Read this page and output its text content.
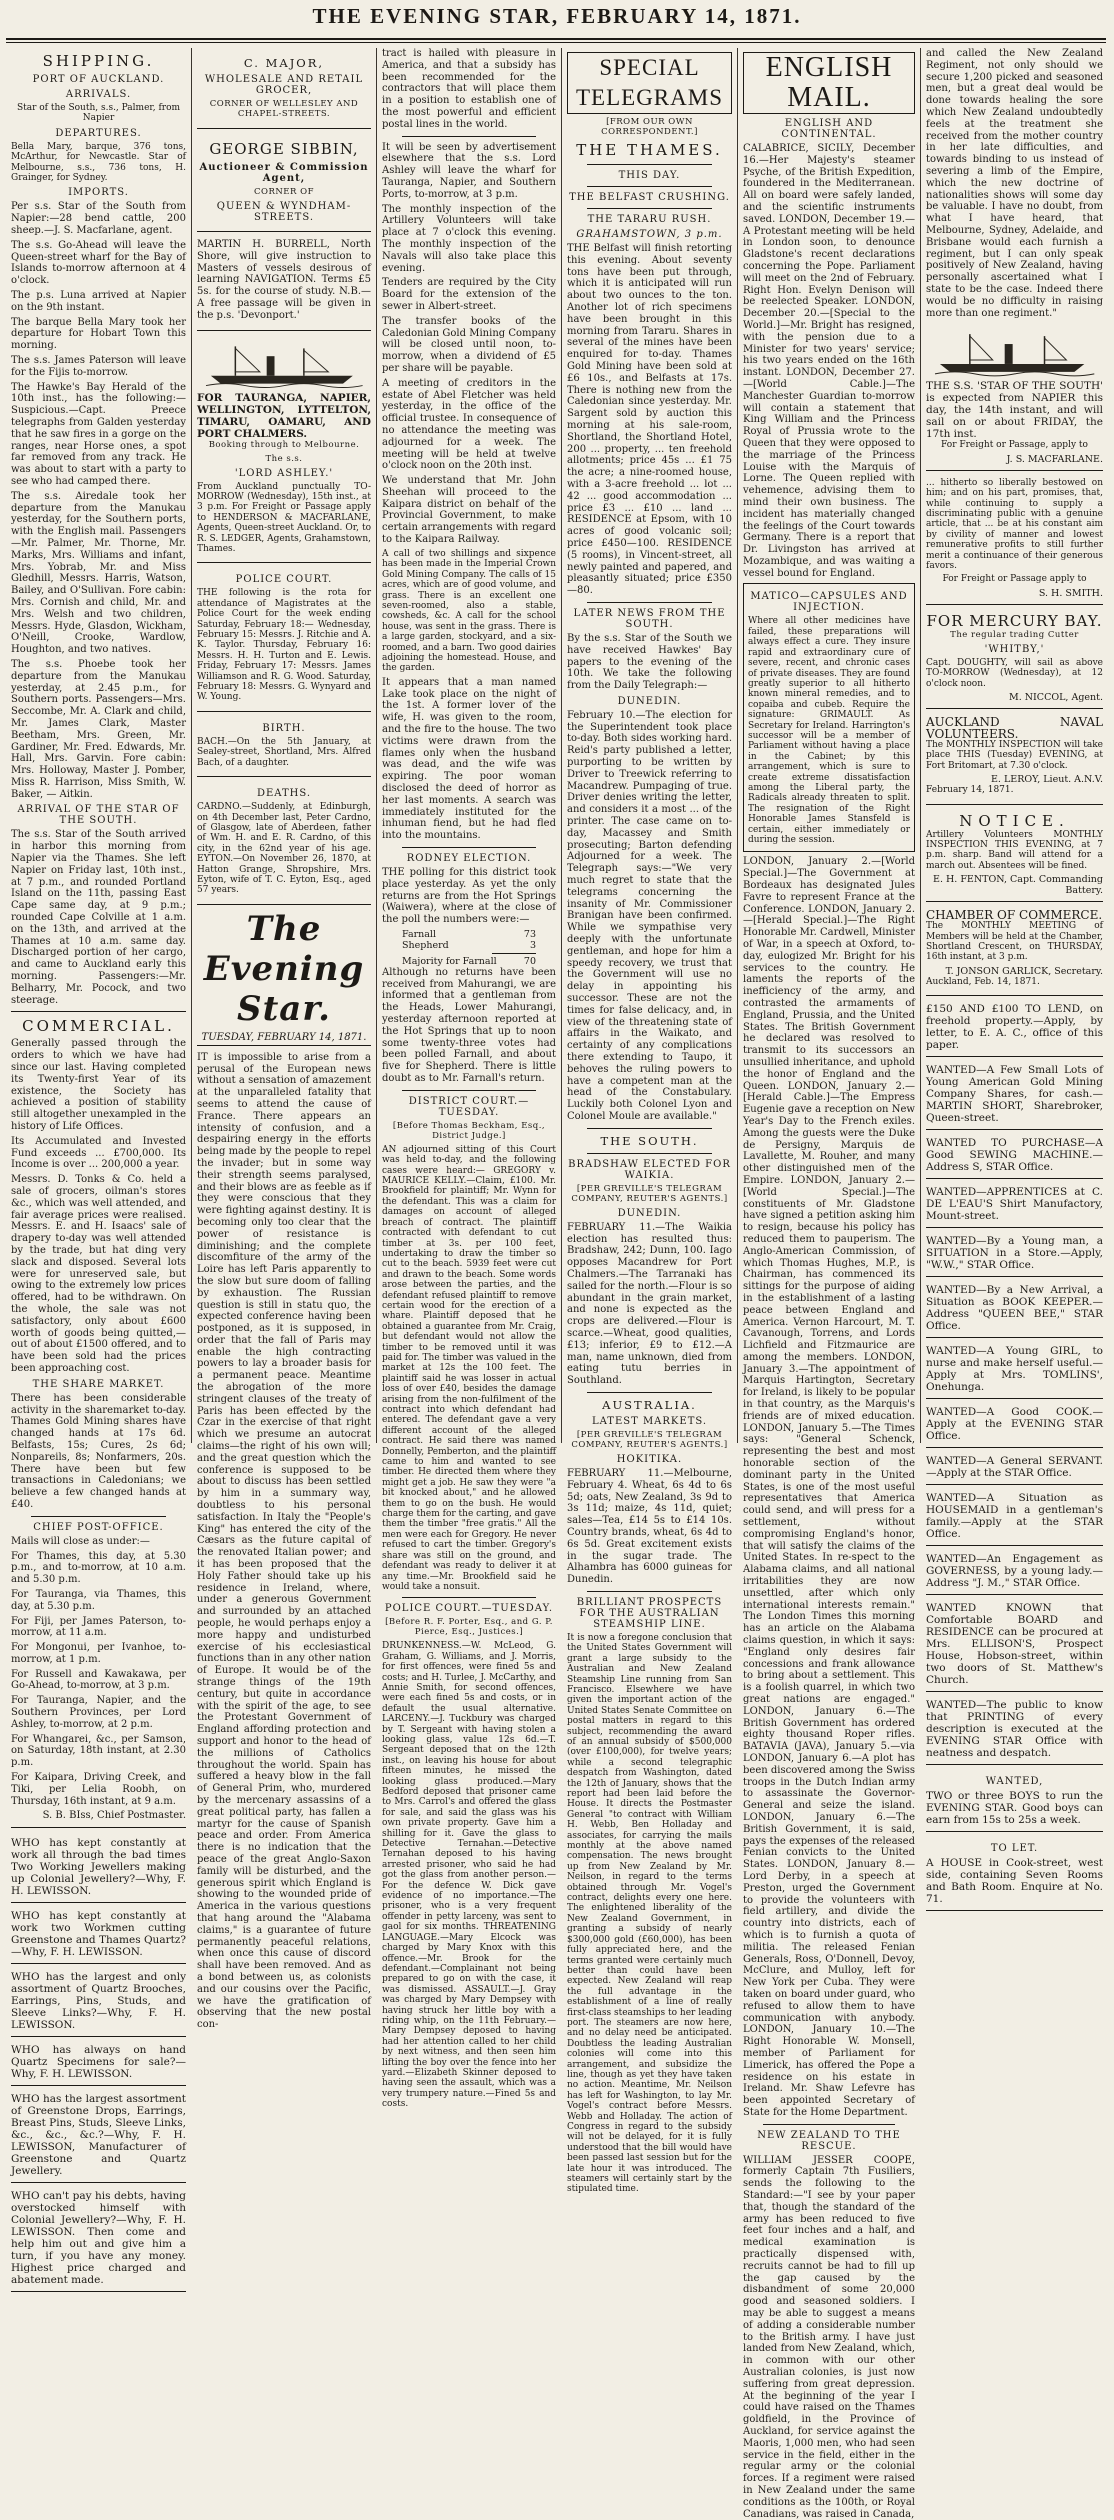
THE EVENING STAR, FEBRUARY 14, 1871.
SHIPPING.
PORT OF AUCKLAND.
ARRIVALS.

Star of the South, s.s., Palmer, from Napier

DEPARTURES.

Bella Mary, barque, 376 tons, McArthur, for Newcastle. Star of Melbourne, s.s., 736 tons, H. Grainger, for Sydney.

IMPORTS.

Per s.s. Star of the South from Napier:—28 bend cattle, 200 sheep.—J. S. Macfarlane, agent.

The s.s. Go-Ahead will leave the Queen-street wharf for the Bay of Islands to-morrow afternoon at 4 o'clock.

The p.s. Luna arrived at Napier on the 9th instant.

The barque Bella Mary took her departure for Hobart Town this morning.

The s.s. James Paterson will leave for the Fijis to-morrow.

The Hawke's Bay Herald of the 10th inst., has the following:—Suspicious.—Capt. Preece telegraphs from Galden yesterday that he saw fires in a gorge on the ranges, near Horse ones, a spot far removed from any track. He was about to start with a party to see who had camped there.

The s.s. Airedale took her departure from the Manukau yesterday, for the Southern ports, with the English mail. Passengers—Mr. Palmer, Mr. Thorne, Mr. Marks, Mrs. Williams and infant, Mrs. Yobrab, Mr. and Miss Gledhill, Messrs. Harris, Watson, Bailey, and O'Sullivan. Fore cabin: Mrs. Cornish and child, Mr. and Mrs. Welsh and two children, Messrs. Hyde, Glasdon, Wickham, O'Neill, Crooke, Wardlow, Houghton, and two natives.

The s.s. Phoebe took her departure from the Manukau yesterday, at 2.45 p.m., for Southern ports. Passengers—Mrs. Seccombe, Mr. A. Clark and child, Mr. James Clark, Master Beetham, Mrs. Green, Mr. Gardiner, Mr. Fred. Edwards, Mr. Hall, Mrs. Garvin. Fore cabin: Mrs. Holloway, Master J. Pomber, Miss R. Harrison, Miss Smith, W. Baker, — Aitkin.

ARRIVAL OF THE STAR OF THE SOUTH.

The s.s. Star of the South arrived in harbor this morning from Napier via the Thames. She left Napier on Friday last, 10th inst., at 7 p.m., and rounded Portland Island on the 11th, passing East Cape same day, at 9 p.m.; rounded Cape Colville at 1 a.m. on the 13th, and arrived at the Thames at 10 a.m. same day. Discharged portion of her cargo, and came to Auckland early this morning. Passengers:—Mr. Belharry, Mr. Pocock, and two steerage.

COMMERCIAL.

Generally passed through the orders to which we have had since our last. Having completed its Twenty-first Year of its existence, the Society has achieved a position of stability still altogether unexampled in the history of Life Offices.

Its Accumulated and Invested Fund exceeds ... £700,000. Its Income is over ... 200,000 a year.

Messrs. D. Tonks & Co. held a sale of grocers, oilman's stores &c., which was well attended, and fair average prices were realised. Messrs. E. and H. Isaacs' sale of drapery to-day was well attended by the trade, but hat ding very slack and disposed. Several lots were for unreserved sale, but owing to the extremely low prices offered, had to be withdrawn. On the whole, the sale was not satisfactory, only about £600 worth of goods being quitted,—out of about £1500 offered, and to have been sold had the prices been approaching cost.

THE SHARE MARKET.

There has been considerable activity in the sharemarket to-day. Thames Gold Mining shares have changed hands at 17s 6d. Belfasts, 15s; Cures, 2s 6d; Nonpareils, 8s; Nonfarmers, 20s. There have been but few transactions in Caledonians; we believe a few changed hands at £40.

CHIEF POST-OFFICE.

Mails will close as under:—

For Thames, this day, at 5.30 p.m., and to-morrow, at 10 a.m. and 5.30 p.m.

For Tauranga, via Thames, this day, at 5.30 p.m.

For Fiji, per James Paterson, to-morrow, at 11 a.m.

For Mongonui, per Ivanhoe, to-morrow, at 1 p.m.

For Russell and Kawakawa, per Go-Ahead, to-morrow, at 3 p.m.

For Tauranga, Napier, and the Southern Provinces, per Lord Ashley, to-morrow, at 2 p.m.

For Whangarei, &c., per Samson, on Saturday, 18th instant, at 2.30 p.m.

For Kaipara, Driving Creek, and Tiki, per Lelia Roobh, on Thursday, 16th instant, at 9 a.m.

S. B. BIss, Chief Postmaster.

WHO has kept constantly at work all through the bad times Two Working Jewellers making up Colonial Jewellery?—Why, F. H. LEWISSON.
WHO has kept constantly at work two Workmen cutting Greenstone and Thames Quartz?—Why, F. H. LEWISSON.
WHO has the largest and only assortment of Quartz Brooches, Earrings, Pins, Studs, and Sleeve Links?—Why, F. H. LEWISSON.
WHO has always on hand Quartz Specimens for sale?—Why, F. H. LEWISSON.
WHO has the largest assortment of Greenstone Drops, Earrings, Breast Pins, Studs, Sleeve Links, &c., &c., &c.?—Why, F. H. LEWISSON, Manufacturer of Greenstone and Quartz Jewellery.
WHO can't pay his debts, having overstocked himself with Colonial Jewellery?—Why, F. H. LEWISSON. Then come and help him out and give him a turn, if you have any money. Highest price charged and abatement made.
C. MAJOR,
WHOLESALE AND RETAIL GROCER,
CORNER OF WELLESLEY AND CHAPEL-STREETS.
GEORGE SIBBIN,
Auctioneer & Commission Agent,
CORNER OF
QUEEN & WYNDHAM-STREETS.

MARTIN H. BURRELL, North Shore, will give instruction to Masters of vessels desirous of learning NAVIGATION. Terms £5 5s. for the course of study. N.B.—A free passage will be given in the p.s. 'Devonport.'

FOR TAURANGA, NAPIER, WELLINGTON, LYTTELTON, TIMARU, OAMARU, AND PORT CHALMERS.
Booking through to Melbourne.
The s.s.
'LORD ASHLEY.'

From Auckland punctually TO-MORROW (Wednesday), 15th inst., at 3 p.m. For Freight or Passage apply to HENDERSON & MACFARLANE, Agents, Queen-street Auckland. Or, to R. S. LEDGER, Agents, Grahamstown, Thames.

POLICE COURT.

THE following is the rota for attendance of Magistrates at the Police Court for the week ending Saturday, February 18:— Wednesday, February 15: Messrs. J. Ritchie and A. K. Taylor. Thursday, February 16: Messrs. H. H. Turton and E. Lewis. Friday, February 17: Messrs. James Williamson and R. G. Wood. Saturday, February 18: Messrs. G. Wynyard and W. Young.

BIRTH.

BACH.—On the 5th January, at Sealey-street, Shortland, Mrs. Alfred Bach, of a daughter.

DEATHS.

CARDNO.—Suddenly, at Edinburgh, on 4th December last, Peter Cardno, of Glasgow, late of Aberdeen, father of Wm. H. and E. R. Cardno, of this city, in the 62nd year of his age. EYTON.—On November 26, 1870, at Hatton Grange, Shropshire, Mrs. Eyton, wife of T. C. Eyton, Esq., aged 57 years.

The Evening Star.
TUESDAY, FEBRUARY 14, 1871.

IT is impossible to arise from a perusal of the European news without a sensation of amazement at the unparalleled fatality that seems to attend the cause of France. There appears an intensity of confusion, and a despairing energy in the efforts being made by the people to repel the invader; but in some way their strength seems paralysed, and their blows are as feeble as if they were conscious that they were fighting against destiny. It is becoming only too clear that the power of resistance is diminishing; and the complete discomfiture of the army of the Loire has left Paris apparently to the slow but sure doom of falling by exhaustion. The Russian question is still in statu quo, the expected conference having been postponed, as it is supposed, in order that the fall of Paris may enable the high contracting powers to lay a broader basis for a permanent peace. Meantime the abrogation of the more stringent clauses of the treaty of Paris has been effected by the Czar in the exercise of that right which we presume an autocrat claims—the right of his own will; and the great question which the conference is supposed to be about to discuss has been settled by him in a summary way, doubtless to his personal satisfaction. In Italy the "People's King" has entered the city of the Cæsars as the future capital of the renovated Italian power; and it has been proposed that the Holy Father should take up his residence in Ireland, where, under a generous Government and surrounded by an attached people, he would perhaps enjoy a more happy and undisturbed exercise of his ecclesiastical functions than in any other nation of Europe. It would be of the strange things of the 19th century, but quite in accordance with the spirit of the age, to see the Protestant Government of England affording protection and support and honor to the head of the millions of Catholics throughout the world. Spain has suffered a heavy blow in the fall of General Prim, who, murdered by the mercenary assassins of a great political party, has fallen a martyr for the cause of Spanish peace and order. From America there is no indication that the peace of the great Anglo-Saxon family will be disturbed, and the generous spirit which England is showing to the wounded pride of America in the various questions that hang around the "Alabama claims," is a guarantee of future permanently peaceful relations, when once this cause of discord shall have been removed. And as a bond between us, as colonists and our cousins over the Pacific, we have the gratification of observing that the new postal con-

tract is hailed with pleasure in America, and that a subsidy has been recommended for the contractors that will place them in a position to establish one of the most powerful and efficient postal lines in the world.

It will be seen by advertisement elsewhere that the s.s. Lord Ashley will leave the wharf for Tauranga, Napier, and Southern Ports, to-morrow, at 3 p.m.

The monthly inspection of the Artillery Volunteers will take place at 7 o'clock this evening. The monthly inspection of the Navals will also take place this evening.

Tenders are required by the City Board for the extension of the sewer in Albert-street.

The transfer books of the Caledonian Gold Mining Company will be closed until noon, to-morrow, when a dividend of £5 per share will be payable.

A meeting of creditors in the estate of Abel Fletcher was held yesterday, in the office of the official trustee. In consequence of no attendance the meeting was adjourned for a week. The meeting will be held at twelve o'clock noon on the 20th inst.

We understand that Mr. John Sheehan will proceed to the Kaipara district on behalf of the Provincial Government, to make certain arrangements with regard to the Kaipara Railway.

A call of two shillings and sixpence has been made in the Imperial Crown Gold Mining Company. The calls of 15 acres, which are of good volume, and grass. There is an excellent one seven-roomed, also a stable, cowsheds, &c. A call for the school house, was sent in the grass. There is a large garden, stockyard, and a six-roomed, and a barn. Two good dairies adjoining the homestead. House, and the garden.

It appears that a man named Lake took place on the night of the 1st. A former lover of the wife, H. was given to the room, and the fire to the house. The two victims were drawn from the flames only when the husband was dead, and the wife was expiring. The poor woman disclosed the deed of horror as her last moments. A search was immediately instituted for the inhuman fiend, but he had fled into the mountains.

RODNEY ELECTION.

THE polling for this district took place yesterday. As yet the only returns are from the Hot Springs (Waiwera), where at the close of the poll the numbers were:—

Farnall	73
Shepherd	3
Majority for Farnall	70

Although no returns have been received from Mahurangi, we are informed that a gentleman from the Heads, Lower Mahurangi, yesterday afternoon reported at the Hot Springs that up to noon some twenty-three votes had been polled Farnall, and about five for Shepherd. There is little doubt as to Mr. Farnall's return.

DISTRICT COURT.—TUESDAY.
[Before Thomas Beckham, Esq., District Judge.]

AN adjourned sitting of this Court was held to-day, and the following cases were heard:— GREGORY v. MAURICE KELLY.—Claim, £100. Mr. Brookfield for plaintiff; Mr. Wynn for the defendant. This was a claim for damages on account of alleged breach of contract. The plaintiff contracted with defendant to cut timber at 3s. per 100 feet, undertaking to draw the timber so cut to the beach. 5939 feet were cut and drawn to the beach. Some words arose between the parties, and the defendant refused plaintiff to remove certain wood for the erection of a whare. Plaintiff deposed that he obtained a guarantee from Mr. Craig, but defendant would not allow the timber to be removed until it was paid for. The timber was valued in the market at 12s the 100 feet. The plaintiff said he was losser in actual loss of over £40, besides the damage arising from the non-fulfilment of the contract into which defendant had entered. The defendant gave a very different account of the alleged contract. He said there was named Donnelly, Pemberton, and the plaintiff came to him and wanted to see timber. He directed them where they might get a job. He saw they were "a bit knocked about," and he allowed them to go on the bush. He would charge them for the carting, and gave them the timber "free gratis." All the men were each for Gregory. He never refused to cart the timber. Gregory's share was still on the ground, and defendant was ready to deliver it at any time.—Mr. Brookfield said he would take a nonsuit.

POLICE COURT.—TUESDAY.
[Before R. F. Porter, Esq., and G. P. Pierce, Esq., Justices.]

DRUNKENNESS.—W. McLeod, G. Graham, G. Williams, and J. Morris, for first offences, were fined 5s and costs; and H. Turlee, J. McCarthy, and Annie Smith, for second offences, were each fined 5s and costs, or in default the usual alternative. LARCENY.—J. Tuckbury was charged by T. Sergeant with having stolen a looking glass, value 12s 6d.—T. Sergeant deposed that on the 12th inst., on leaving his house for about fifteen minutes, he missed the looking glass produced.—Mary Bedford deposed that prisoner came to Mrs. Carrol's and offered the glass for sale, and said the glass was his own private property. Gave him a shilling for it. Gave the glass to Detective Ternahan.—Detective Ternahan deposed to his having arrested prisoner, who said he had got the glass from another person.—For the defence W. Dick gave evidence of no importance.—The prisoner, who is a very frequent offender in petty larceny, was sent to gaol for six months. THREATENING LANGUAGE.—Mary Elcock was charged by Mary Knox with this offence.—Mr. Brook for the defendant.—Complainant not being prepared to go on with the case, it was dismissed. ASSAULT.—J. Gray was charged by Mary Dempsey with having struck her little boy with a riding whip, on the 11th February.—Mary Dempsey deposed to having had her attention called to her child by next witness, and then seen him lifting the boy over the fence into her yard.—Elizabeth Skinner deposed to having seen the assault, which was a very trumpery nature.—Fined 5s and costs.

SPECIAL TELEGRAMS
[FROM OUR OWN CORRESPONDENT.]
THE THAMES.
THIS DAY.
THE BELFAST CRUSHING.
THE TARARU RUSH.
GRAHAMSTOWN, 3 p.m.

THE Belfast will finish retorting this evening. About seventy tons have been put through, which it is anticipated will run about two ounces to the ton. Another lot of rich specimens have been brought in this morning from Tararu. Shares in several of the mines have been enquired for to-day. Thames Gold Mining have been sold at £6 10s., and Belfasts at 17s. There is nothing new from the Caledonian since yesterday. Mr. Sargent sold by auction this morning at his sale-room, Shortland, the Shortland Hotel, 200 ... property, ... ten freehold allotments; price 45s ... £1 75 the acre; a nine-roomed house, with a 3-acre freehold ... lot ... 42 ... good accommodation ... price £3 ... £10 ... land ... RESIDENCE at Epsom, with 10 acres of good volcanic soil; price £450—100. RESIDENCE (5 rooms), in Vincent-street, all newly painted and papered, and pleasantly situated; price £350—80.

LATER NEWS FROM THE SOUTH.

By the s.s. Star of the South we have received Hawkes' Bay papers to the evening of the 10th. We take the following from the Daily Telegraph:—

DUNEDIN.

February 10.—The election for the Superintendent took place to-day. Both sides working hard. Reid's party published a letter, purporting to be written by Driver to Treewick referring to Macandrew. Pumpaging of true. Driver denies writing the letter, and considers it a most ... of the printer. The case came on to-day, Macassey and Smith prosecuting; Barton defending Adjourned for a week. The Telegraph says:—"We very much regret to state that the telegrams concerning the insanity of Mr. Commissioner Branigan have been confirmed. While we sympathise very deeply with the unfortunate gentleman, and hope for him a speedy recovery, we trust that the Government will use no delay in appointing his successor. These are not the times for false delicacy, and, in view of the threatening state of affairs in the Waikato, and certainty of any complications there extending to Taupo, it behoves the ruling powers to have a competent man at the head of the Constabulary. Luckily both Colonel Lyon and Colonel Moule are available."

THE SOUTH.
BRADSHAW ELECTED FOR WAIKIA.
[PER GREVILLE'S TELEGRAM COMPANY, REUTER'S AGENTS.]
DUNEDIN.

FEBRUARY 11.—The Waikia election has resulted thus: Bradshaw, 242; Dunn, 100. Iago opposes Macandrew for Port Chalmers.—The Tarranaki has sailed for the north.—Flour is so abundant in the grain market, and none is expected as the crops are delivered.—Flour is scarce.—Wheat, good qualities, £13; inferior, £9 to £12.—A man, name unknown, died from eating tutu berries in Southland.

AUSTRALIA.
LATEST MARKETS.
[PER GREVILLE'S TELEGRAM COMPANY, REUTER'S AGENTS.]
HOKITIKA.

FEBRUARY 11.—Melbourne, February 4. Wheat, 6s 4d to 6s 5d; oats, New Zealand, 3s 9d to 3s 11d; maize, 4s 11d, quiet; sales—Tea, £14 5s to £14 10s. Country brands, wheat, 6s 4d to 6s 5d. Great excitement exists in the sugar trade. The Alhambra has 6000 guineas for Dunedin.

BRILLIANT PROSPECTS FOR THE AUSTRALIAN STEAMSHIP LINE.

It is now a foregone conclusion that the United States Government will grant a large subsidy to the Australian and New Zealand Steamship Line running from San Francisco. Elsewhere we have given the important action of the United States Senate Committee on postal matters in regard to this subject, recommending the award of an annual subsidy of $500,000 (over £100,000), for twelve years; while a second telegraphic despatch from Washington, dated the 12th of January, shows that the report had been laid before the House. It directs the Postmaster General "to contract with William H. Webb, Ben Holladay and associates, for carrying the mails monthly at the above named compensation. The news brought up from New Zealand by Mr. Neilson, in regard to the terms obtained through Mr. Vogel's contract, delights every one here. The enlightened liberality of the New Zealand Government, in granting a subsidy of nearly $300,000 gold (£60,000), has been fully appreciated here, and the terms granted were certainly much better than could have been expected. New Zealand will reap the full advantage in the establishment of a line of really first-class steamships to her leading port. The steamers are now here, and no delay need be anticipated. Doubtless the leading Australian colonies will come into this arrangement, and subsidize the line, though as yet they have taken no action. Meantime, Mr. Neilson has left for Washington, to lay Mr. Vogel's contract before Messrs. Webb and Holladay. The action of Congress in regard to the subsidy will not be delayed, for it is fully understood that the bill would have been passed last session but for the late hour it was introduced. The steamers will certainly start by the stipulated time.

ENGLISH MAIL.
ENGLISH AND CONTINENTAL.

CALABRICE, SICILY, December 16.—Her Majesty's steamer Psyche, of the British Expedition, foundered in the Mediterranean. All on board were safely landed, and the scientific instruments saved. LONDON, December 19.—A Protestant meeting will be held in London soon, to denounce Gladstone's recent declarations concerning the Pope. Parliament will meet on the 2nd of February. Right Hon. Evelyn Denison will be reelected Speaker. LONDON, December 20.—[Special to the World.]—Mr. Bright has resigned, with the pension due to a Minister for two years' service; his two years ended on the 16th instant. LONDON, December 27.—[World Cable.]—The Manchester Guardian to-morrow will contain a statement that King William and the Princess Royal of Prussia wrote to the Queen that they were opposed to the marriage of the Princess Louise with the Marquis of Lorne. The Queen replied with vehemence, advising them to mind their own business. The incident has materially changed the feelings of the Court towards Germany. There is a report that Dr. Livingston has arrived at Mozambique, and was waiting a vessel bound for England.

MATICO—CAPSULES AND INJECTION.

Where all other medicines have failed, these preparations will always effect a cure. They insure rapid and extraordinary cure of severe, recent, and chronic cases of private diseases. They are found greatly superior to all hitherto known mineral remedies, and to copaiba and cubeb. Require the signature: GRIMAULT. As Secretary for Ireland. Harrington's successor will be a member of Parliament without having a place in the Cabinet; by this arrangement, which is sure to create extreme dissatisfaction among the Liberal party, the Radicals already threaten to split. The resignation of the Right Honorable James Stansfeld is certain, either immediately or during the session.

LONDON, January 2.—[World Special.]—The Government at Bordeaux has designated Jules Favre to represent France at the Conference. LONDON, January 2.—[Herald Special.]—The Right Honorable Mr. Cardwell, Minister of War, in a speech at Oxford, to-day, eulogized Mr. Bright for his services to the country. He laments the reports of the inefficiency of the army, and contrasted the armaments of England, Prussia, and the United States. The British Government he declared was resolved to transmit to its successors an unsullied inheritance, and uphold the honor of England and the Queen. LONDON, January 2.—[Herald Cable.]—The Empress Eugenie gave a reception on New Year's Day to the French exiles. Among the guests were the Duke de Persigny, Marquis de Lavallette, M. Rouher, and many other distinguished men of the Empire. LONDON, January 2.—[World Special.]—The constituents of Mr. Gladstone have signed a petition asking him to resign, because his policy has reduced them to pauperism. The Anglo-American Commission, of which Thomas Hughes, M.P., is Chairman, has commenced its sittings for the purpose of aiding in the establishment of a lasting peace between England and America. Vernon Harcourt, M. T. Cavanough, Torrens, and Lords Lichfield and Fitzmaurice are among the members. LONDON, January 3.—The appointment of Marquis Hartington, Secretary for Ireland, is likely to be popular in that country, as the Marquis's friends are of mixed education. LONDON, January 5.—The Times says: "General Schenck, representing the best and most honorable section of the dominant party in the United States, is one of the most useful representatives that America could send, and will press for a settlement, without compromising England's honor, that will satisfy the claims of the United States. In re-spect to the Alabama claims, and all national irritabilities they are now unsettled, after which only international interests remain." The London Times this morning has an article on the Alabama claims question, in which it says: "England only desires fair concessions and frank allowance to bring about a settlement. This is a foolish quarrel, in which two great nations are engaged." LONDON, January 6.—The British Government has ordered eighty thousand Roper rifles. BATAVIA (JAVA), January 5.—via LONDON, January 6.—A plot has been discovered among the Swiss troops in the Dutch Indian army to assassinate the Governor-General and seize the island. LONDON, January 6.—The British Government, it is said, pays the expenses of the released Fenian convicts to the United States. LONDON, January 8.—Lord Derby, in a speech at Preston, urged the Government to provide the volunteers with field artillery, and divide the country into districts, each of which is to furnish a quota of militia. The released Fenian Generals, Ross, O'Donnell, Devoy, McClure, and Mulloy, left for New York per Cuba. They were taken on board under guard, who refused to allow them to have communication with anybody. LONDON, January 10.—The Right Honorable W. Monsell, member of Parliament for Limerick, has offered the Pope a residence on his estate in Ireland. Mr. Shaw Lefevre has been appointed Secretary of State for the Home Department.

NEW ZEALAND TO THE RESCUE.

WILLIAM JESSER COOPE, formerly Captain 7th Fusiliers, sends the following to the Standard:—"I see by your paper that, though the standard of the army has been reduced to five feet four inches and a half, and medical examination is practically dispensed with, recruits cannot be had to fill up the gap caused by the disbandment of some 20,000 good and seasoned soldiers. I may be able to suggest a means of adding a considerable number to the British army. I have just landed from New Zealand, which, in common with our other Australian colonies, is just now suffering from great depression. At the beginning of the year I could have raised on the Thames goldfield, in the Province of Auckland, for service against the Maoris, 1,000 men, who had seen service in the field, either in the regular army or the colonial forces. If a regiment were raised in New Zealand under the same conditions as the 100th, or Royal Canadians, was raised in Canada,

and called the New Zealand Regiment, not only should we secure 1,200 picked and seasoned men, but a great deal would be done towards healing the sore which New Zealand undoubtedly feels at the treatment she received from the mother country in her late difficulties, and towards binding to us instead of severing a limb of the Empire, which the new doctrine of nationalities shows will some day be valuable. I have no doubt, from what I have heard, that Melbourne, Sydney, Adelaide, and Brisbane would each furnish a regiment, but I can only speak positively of New Zealand, having personally ascertained what I state to be the case. Indeed there would be no difficulty in raising more than one regiment."

THE S.S. 'STAR OF THE SOUTH' is expected from NAPIER this day, the 14th instant, and will sail on or about FRIDAY, the 17th inst.

For Freight or Passage, apply to

J. S. MACFARLANE.

... hitherto so liberally bestowed on him; and on his part, promises, that, while continuing to supply a discriminating public with a genuine article, that ... be at his constant aim by civility of manner and lowest remunerative profits to still further merit a continuance of their generous favors.

For Freight or Passage apply to

S. H. SMITH.
FOR MERCURY BAY.
The regular trading Cutter
'WHITBY,'

Capt. DOUGHTY, will sail as above TO-MORROW (Wednesday), at 12 o'clock noon.

M. NICCOL, Agent.
AUCKLAND NAVAL VOLUNTEERS.

The MONTHLY INSPECTION will take place THIS (Tuesday) EVENING, at Fort Britomart, at 7.30 o'clock.

E. LEROY, Lieut. A.N.V.

February 14, 1871.

NOTICE.

Artillery Volunteers MONTHLY INSPECTION THIS EVENING, at 7 p.m. sharp. Band will attend for a march out. Absentees will be fined.

E. H. FENTON, Capt. Commanding Battery.
CHAMBER OF COMMERCE.

The MONTHLY MEETING of Members will be held at the Chamber, Shortland Crescent, on THURSDAY, 16th instant, at 3 p.m.

T. JONSON GARLICK, Secretary.

Auckland, Feb. 14, 1871.

£150 AND £100 TO LEND, on freehold property.—Apply, by letter, to E. A. C., office of this paper.
WANTED—A Few Small Lots of Young American Gold Mining Company Shares, for cash.—MARTIN SHORT, Sharebroker, Queen-street.
WANTED TO PURCHASE—A Good SEWING MACHINE.—Address S, STAR Office.
WANTED—APPRENTICES at C. DE L'EAU'S Shirt Manufactory, Mount-street.
WANTED—By a Young man, a SITUATION in a Store.—Apply, "W.W.," STAR Office.
WANTED—By a New Arrival, a Situation as BOOK KEEPER.—Address "QUEEN BEE," STAR Office.
WANTED—A Young GIRL, to nurse and make herself useful.—Apply at Mrs. TOMLINS', Onehunga.
WANTED—A Good COOK.—Apply at the EVENING STAR Office.
WANTED—A General SERVANT.—Apply at the STAR Office.
WANTED—A Situation as HOUSEMAID in a gentleman's family.—Apply at the STAR Office.
WANTED—An Engagement as GOVERNESS, by a young lady.—Address "J. M.," STAR Office.
WANTED KNOWN that Comfortable BOARD and RESIDENCE can be procured at Mrs. ELLISON'S, Prospect House, Hobson-street, within two doors of St. Matthew's Church.
WANTED—The public to know that PRINTING of every description is executed at the EVENING STAR Office with neatness and despatch.
WANTED,
TWO or three BOYS to run the EVENING STAR. Good boys can earn from 15s to 25s a week.
TO LET.
A HOUSE in Cook-street, west side, containing Seven Rooms and Bath Room. Enquire at No. 71.
